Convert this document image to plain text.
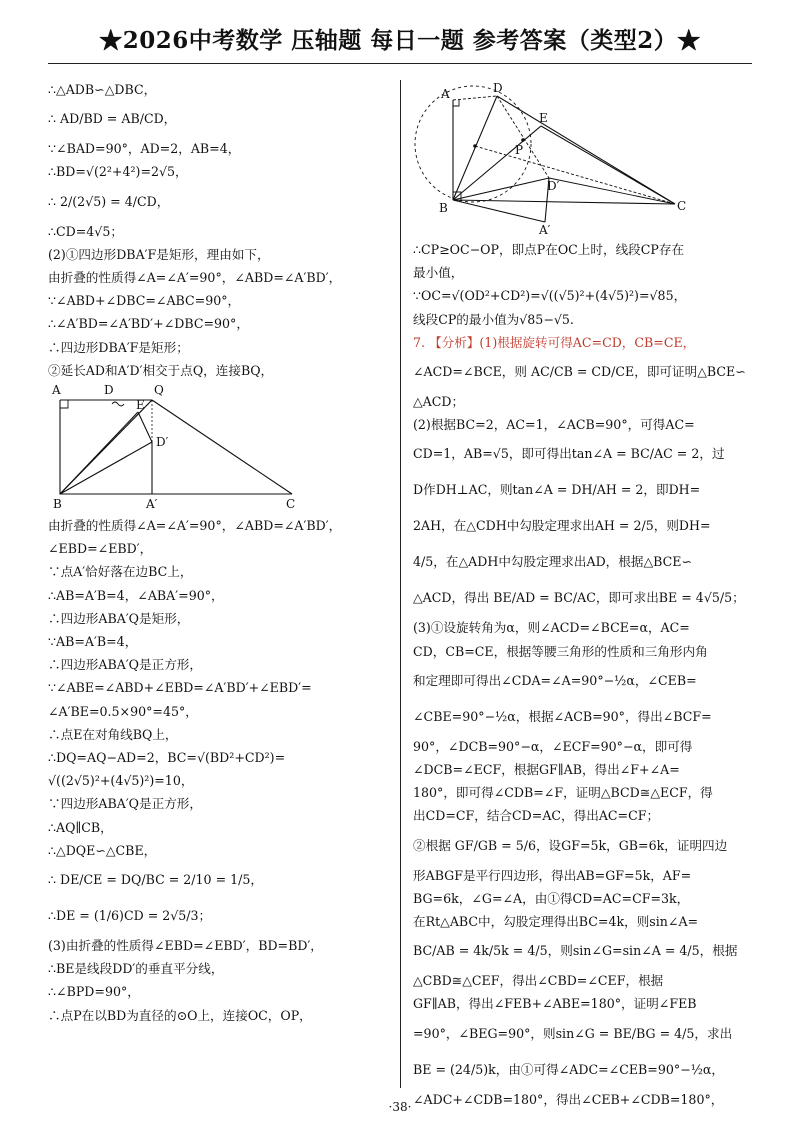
★2026中考数学 压轴题 每日一题 参考答案（类型2）★
∴△ADB∽△DBC，
∴ AD/BD = AB/CD，
∵∠BAD=90°，AD=2，AB=4，
∴BD=√(2²+4²)=2√5，
∴ 2/(2√5) = 4/CD，
∴CD=4√5；
(2)①四边形DBA′F是矩形，理由如下，
由折叠的性质得∠A=∠A′=90°，∠ABD=∠A′BD′，
∵∠ABD+∠DBC=∠ABC=90°，
∴∠A′BD=∠A′BD′+∠DBC=90°，
∴四边形DBA′F是矩形；
②延长AD和A′D′相交于点Q，连接BQ，
A	D	Q
E
D′
B	A′	C
由折叠的性质得∠A=∠A′=90°，∠ABD=∠A′BD′，
∠EBD=∠EBD′，
∵点A′恰好落在边BC上，
∴AB=A′B=4，∠ABA′=90°，
∴四边形ABA′Q是矩形，
∵AB=A′B=4，
∴四边形ABA′Q是正方形，
∵∠ABE=∠ABD+∠EBD=∠A′BD′+∠EBD′=
∠A′BE=0.5×90°=45°，
∴点E在对角线BQ上，
∴DQ=AQ−AD=2，BC=√(BD²+CD²)=
√((2√5)²+(4√5)²)=10，
∵四边形ABA′Q是正方形，
∴AQ∥CB，
∴△DQE∽△CBE，
∴ DE/CE = DQ/BC = 2/10 = 1/5，
∴DE = (1/6)CD = 2√5/3；
(3)由折叠的性质得∠EBD=∠EBD′，BD=BD′，
∴BE是线段DD′的垂直平分线，
∴∠BPD=90°，
∴点P在以BD为直径的⊙O上，连接OC，OP，
A	D
E
P
D′
B	C
A′
∴CP≥OC−OP，即点P在OC上时，线段CP存在
最小值，
∵OC=√(OD²+CD²)=√((√5)²+(4√5)²)=√85，
线段CP的最小值为√85−√5.
7. 【分析】(1)根据旋转可得AC=CD，CB=CE，
∠ACD=∠BCE，则 AC/CB = CD/CE，即可证明△BCE∽
△ACD；
(2)根据BC=2，AC=1，∠ACB=90°，可得AC=
CD=1，AB=√5，即可得出tan∠A = BC/AC = 2，过
D作DH⊥AC，则tan∠A = DH/AH = 2，即DH=
2AH，在△CDH中勾股定理求出AH = 2/5，则DH=
4/5，在△ADH中勾股定理求出AD，根据△BCE∽
△ACD，得出 BE/AD = BC/AC，即可求出BE = 4√5/5；
(3)①设旋转角为α，则∠ACD=∠BCE=α，AC=
CD，CB=CE，根据等腰三角形的性质和三角形内角
和定理即可得出∠CDA=∠A=90°−½α，∠CEB=
∠CBE=90°−½α，根据∠ACB=90°，得出∠BCF=
90°，∠DCB=90°−α，∠ECF=90°−α，即可得
∠DCB=∠ECF，根据GF∥AB，得出∠F+∠A=
180°，即可得∠CDB=∠F，证明△BCD≅△ECF，得
出CD=CF，结合CD=AC，得出AC=CF；
②根据 GF/GB = 5/6，设GF=5k，GB=6k，证明四边
形ABGF是平行四边形，得出AB=GF=5k，AF=
BG=6k，∠G=∠A，由①得CD=AC=CF=3k，
在Rt△ABC中，勾股定理得出BC=4k，则sin∠A=
BC/AB = 4k/5k = 4/5，则sin∠G=sin∠A = 4/5，根据
△CBD≅△CEF，得出∠CBD=∠CEF，根据
GF∥AB，得出∠FEB+∠ABE=180°，证明∠FEB
=90°，∠BEG=90°，则sin∠G = BE/BG = 4/5，求出
BE = (24/5)k，由①可得∠ADC=∠CEB=90°−½α，
∠ADC+∠CDB=180°，得出∠CEB+∠CDB=180°，
·38·
